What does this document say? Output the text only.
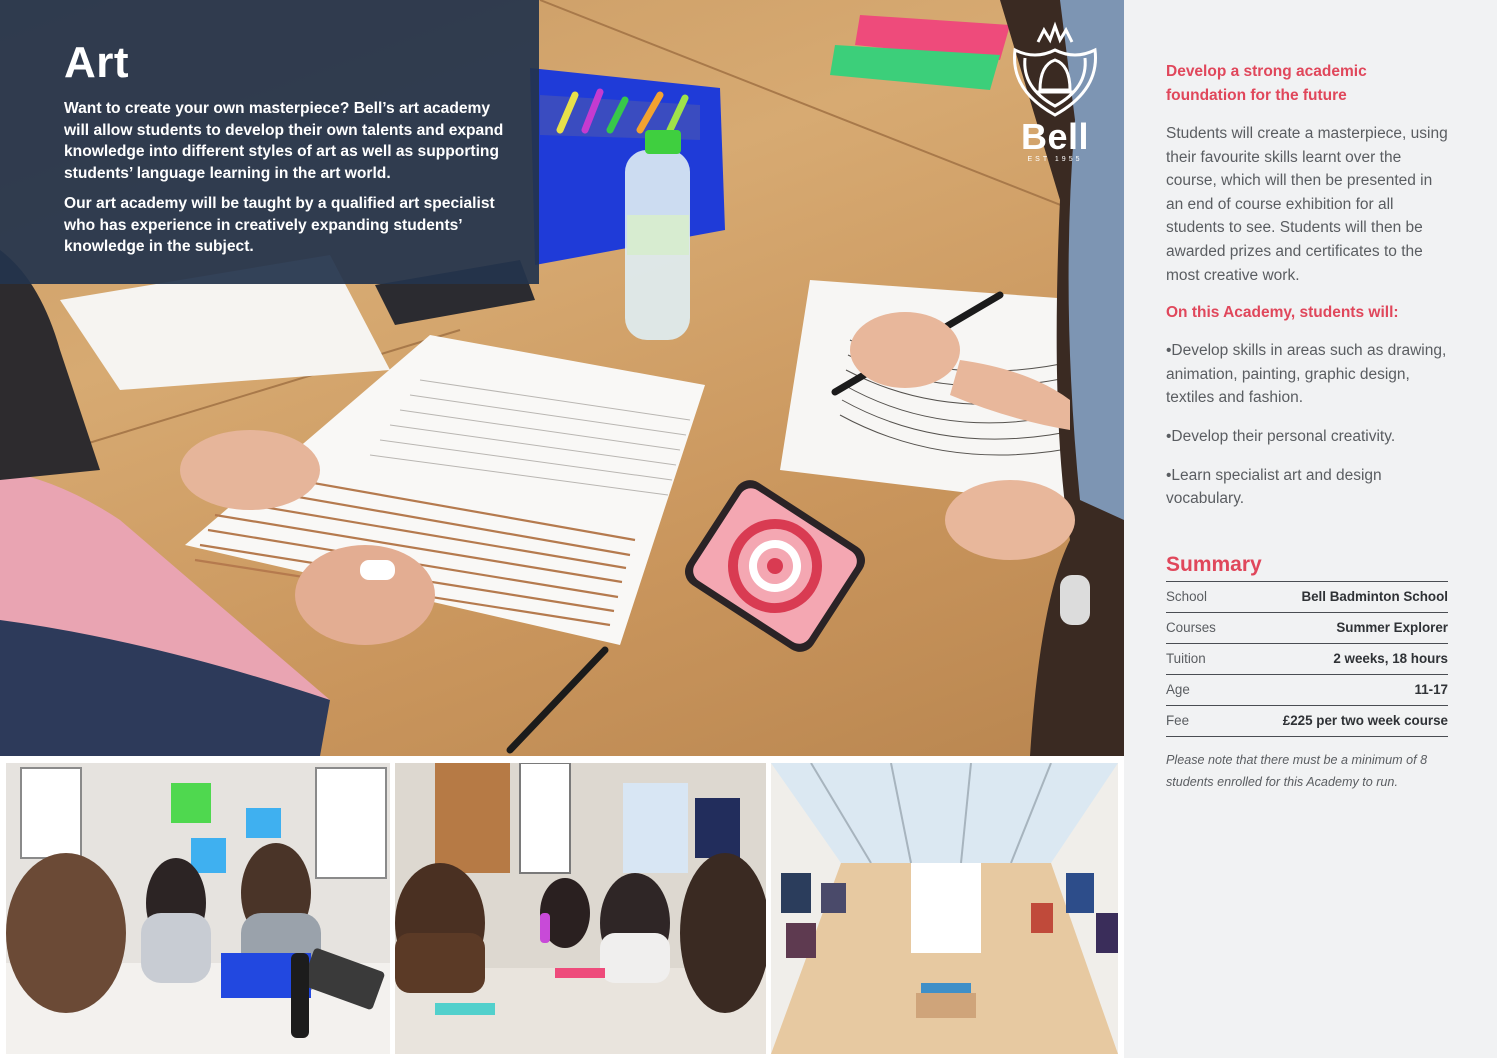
Art

Want to create your own masterpiece? Bell’s art academy will allow students to develop their own talents and expand knowledge into different styles of art as well as supporting students’ language learning in the art world.

Our art academy will be taught by a qualified art specialist who has experience in creatively expanding students’ knowledge in the subject.

Bell
EST 1955

Develop a strong academic foundation for the future

Students will create a masterpiece, using their favourite skills learnt over the course, which will then be presented in an end of course exhibition for all students to see. Students will then be awarded prizes and certificates to the most creative work.

On this Academy, students will:

•Develop skills in areas such as drawing, animation, painting, graphic design, textiles and fashion.

•Develop their personal creativity.

•Learn specialist art and design vocabulary.

Summary
School	Bell Badminton School
Courses	Summer Explorer
Tuition	2 weeks, 18 hours
Age	11-17
Fee	£225 per two week course
Please note that there must be a minimum of 8 students enrolled for this Academy to run.
